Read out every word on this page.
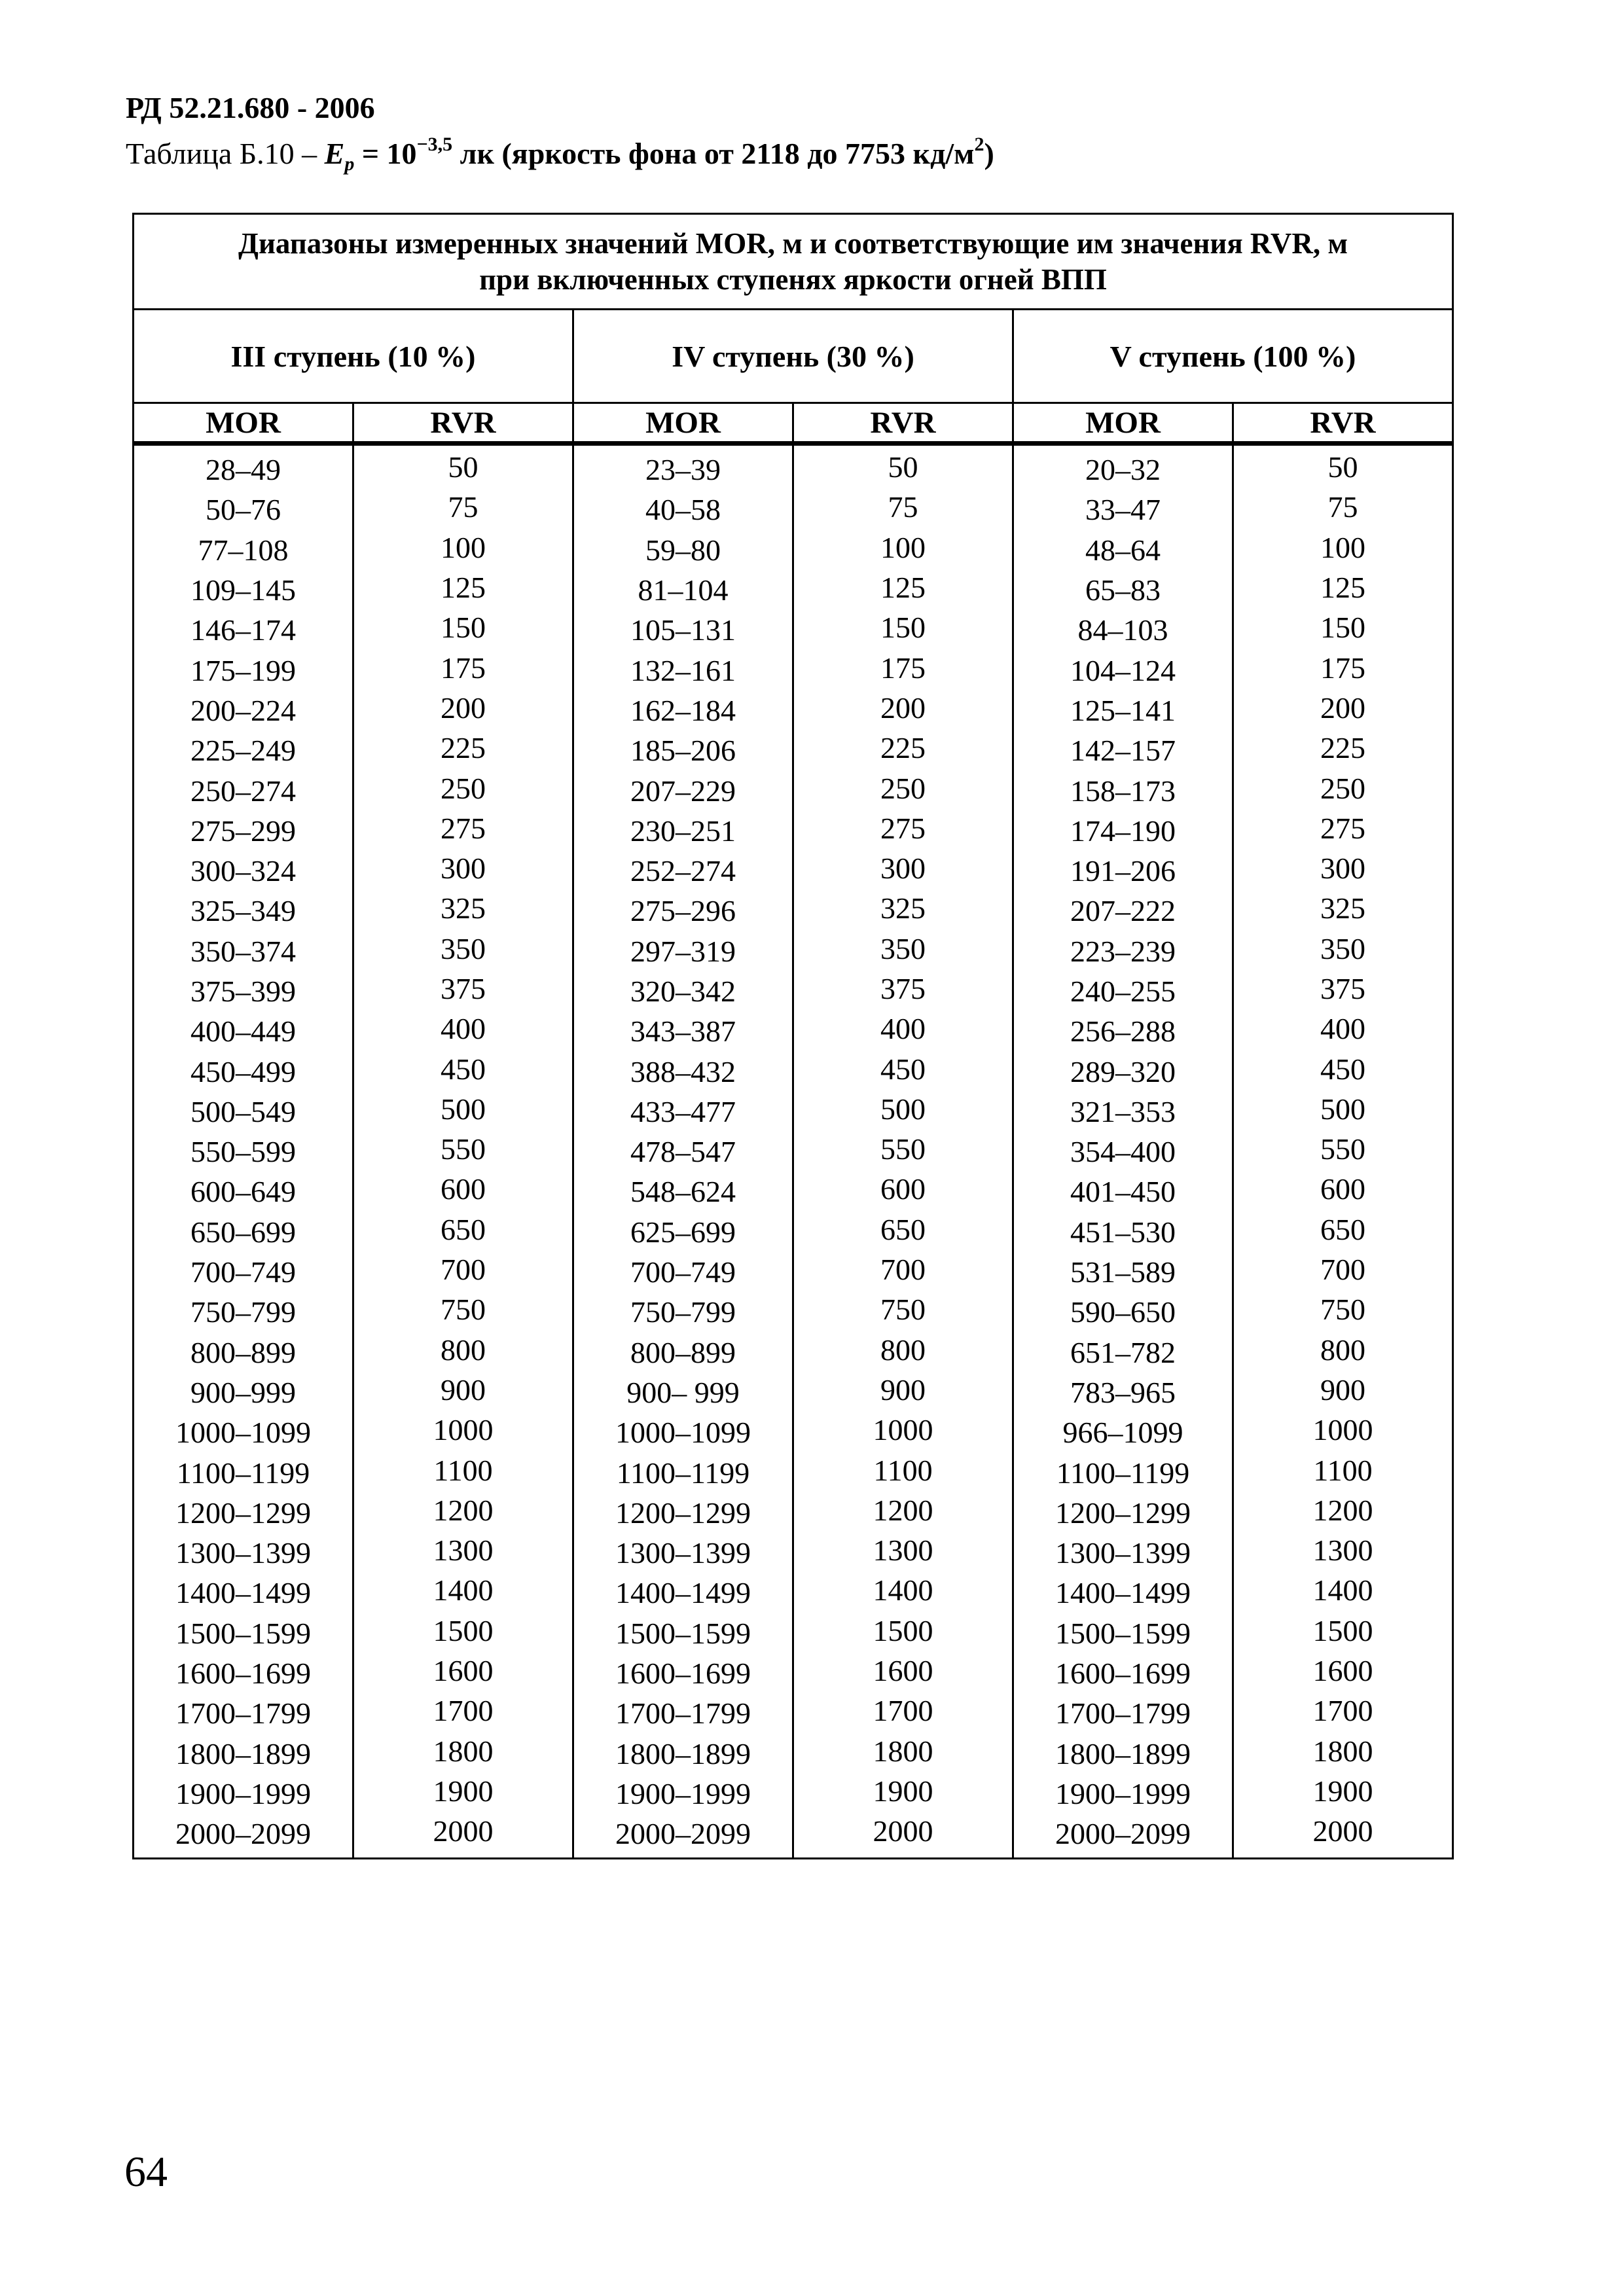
РД 52.21.680 - 2006
Таблица $Б.10 - E_p = 10^{-3,5}$ лк (яркость фона от 2118 до 7753 $кд/м^2$)
Диапазоны измеренных значений MOR, м и соответствующие им значения RVR, м
при включенных ступенях яркости огней ВПП					

III ступень (10 %)		IV ступень (30 %)		V ступень (100 %)	
MOR	RVR	MOR	RVR	MOR	RVR
28–49	50	23–39	50	20–32	50
50–76	75	40–58	75	33–47	75
77–108	100	59–80	100	48–64	100
109–145	125	81–104	125	65–83	125
146–174	150	105–131	150	84–103	150
175–199	175	132–161	175	104–124	175
200–224	200	162–184	200	125–141	200
225–249	225	185–206	225	142–157	225
250–274	250	207–229	250	158–173	250
275–299	275	230–251	275	174–190	275
300–324	300	252–274	300	191–206	300
325–349	325	275–296	325	207–222	325
350–374	350	297–319	350	223–239	350
375–399	375	320–342	375	240–255	375
400–449	400	343–387	400	256–288	400
450–499	450	388–432	450	289–320	450
500–549	500	433–477	500	321–353	500
550–599	550	478–547	550	354–400	550
600–649	600	548–624	600	401–450	600
650–699	650	625–699	650	451–530	650
700–749	700	700–749	700	531–589	700
750–799	750	750–799	750	590–650	750
800–899	800	800–899	800	651–782	800
900–999	900	900– 999	900	783–965	900
1000–1099	1000	1000–1099	1000	966–1099	1000
1100–1199	1100	1100–1199	1100	1100–1199	1100
1200–1299	1200	1200–1299	1200	1200–1299	1200
1300–1399	1300	1300–1399	1300	1300–1399	1300
1400–1499	1400	1400–1499	1400	1400–1499	1400
1500–1599	1500	1500–1599	1500	1500–1599	1500
1600–1699	1600	1600–1699	1600	1600–1699	1600
1700–1799	1700	1700–1799	1700	1700–1799	1700
1800–1899	1800	1800–1899	1800	1800–1899	1800
1900–1999	1900	1900–1999	1900	1900–1999	1900
2000–2099	2000	2000–2099	2000	2000–2099	2000
64
